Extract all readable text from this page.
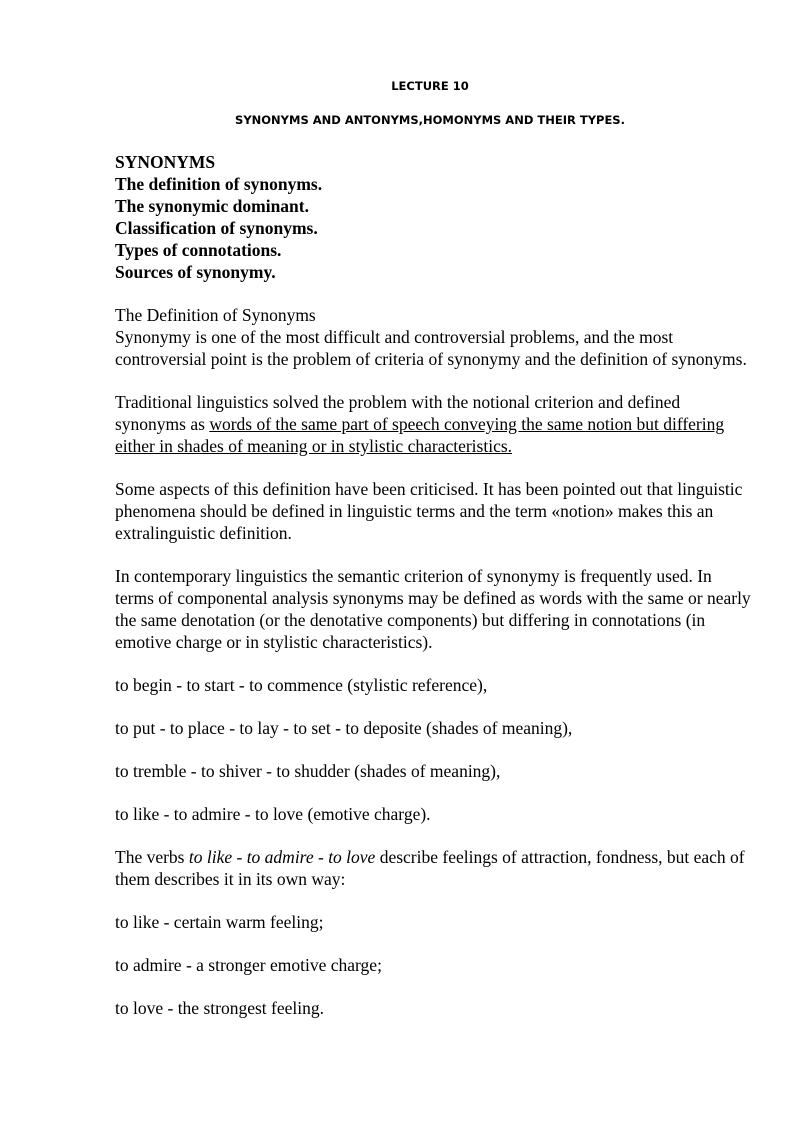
LECTURE 10

SYNONYMS AND ANTONYMS,HOMONYMS AND THEIR TYPES.

SYNONYMS

The definition of synonyms.

The synonymic dominant.

Classification of synonyms.

Types of connotations.

Sources of synonymy.

The Definition of Synonyms

Synonymy is one of the most difficult and controversial problems, and the most controversial point is the problem of criteria of synonymy and the definition of synonyms.

Traditional linguistics solved the problem with the notional criterion and defined synonyms as words of the same part of speech conveying the same notion but differing either in shades of meaning or in stylistic characteristics.

Some aspects of this definition have been criticised. It has been pointed out that linguistic phenomena should be defined in linguistic terms and the term «notion» makes this an extralinguistic definition.

In contemporary linguistics the semantic criterion of synonymy is frequently used. In terms of componental analysis synonyms may be defined as words with the same or nearly the same denotation (or the denotative components) but differing in connotations (in emotive charge or in stylistic characteristics).

to begin - to start - to commence (stylistic reference),

to put - to place - to lay - to set - to deposite (shades of meaning),

to tremble - to shiver - to shudder (shades of meaning),

to like - to admire - to love (emotive charge).

The verbs to like - to admire - to love describe feelings of attraction, fondness, but each of them describes it in its own way:

to like - certain warm feeling;

to admire - a stronger emotive charge;

to love - the strongest feeling.
